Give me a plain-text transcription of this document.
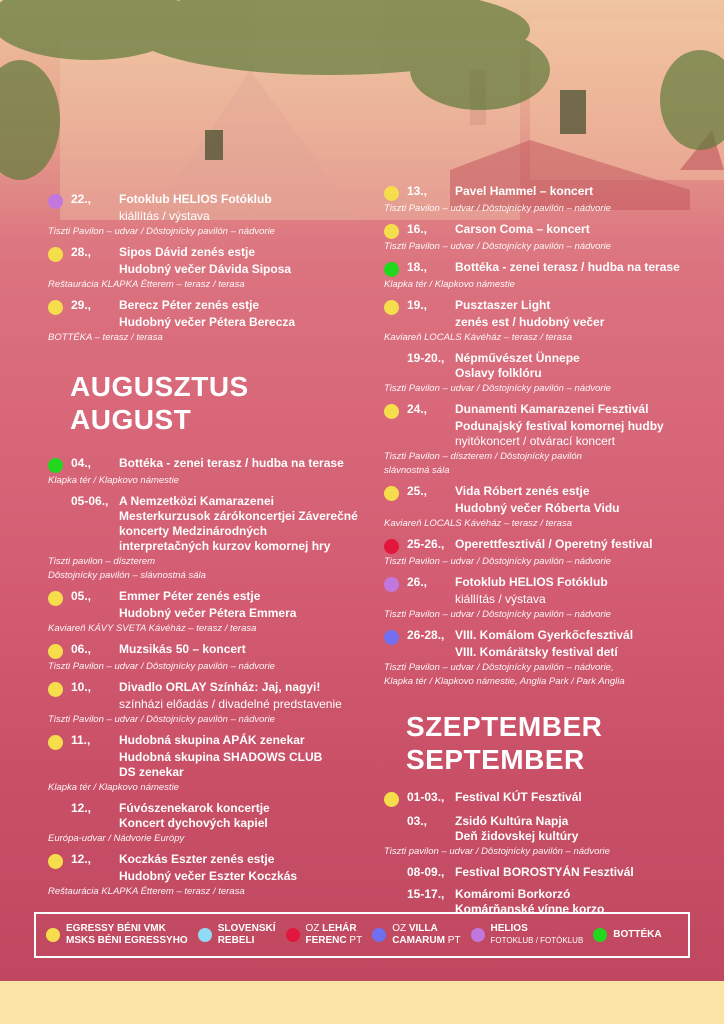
22.,	Fotoklub HELIOS Fotóklub
kiállítás / výstava
Tiszti Pavilon – udvar / Dôstojnícky pavilón – nádvorie
28.,	Sipos Dávid zenés estje
Hudobný večer Dávida Siposa
Reštaurácia KLAPKA Étterem – terasz / terasa
29.,	Berecz Péter zenés estje
Hudobný večer Pétera Berecza
BOTTÉKA – terasz / terasa
AUGUSZTUS
AUGUST
04.,	Bottéka - zenei terasz / hudba na terase
Klapka tér / Klapkovo námestie
05-06., A Nemzetközi Kamarazenei Mesterkurzusok zárókoncertjei Záverečné koncerty Medzinárodných interpretačných kurzov komornej hry
Tiszti pavilon – díszterem
Dôstojnícky pavilón – slávnostná sála
05.,	Emmer Péter zenés estje
Hudobný večer Pétera Emmera
Kaviareň KÁVY SVETA Kávéház – terasz / terasa
06.,	Muzsikás 50 – koncert
Tiszti Pavilon – udvar / Dôstojnícky pavilón – nádvorie
10.,	Divadlo ORLAY Színház: Jaj, nagyi!
színházi előadás / divadelné predstavenie
Tiszti Pavilon – udvar / Dôstojnícky pavilón – nádvorie
11.,	Hudobná skupina APÁK zenekar
Hudobná skupina SHADOWS CLUB
DS zenekar
Klapka tér / Klapkovo námestie
12.,	Fúvószenekarok koncertje
Koncert dychových kapiel
Európa-udvar / Nádvorie Európy
12.,	Koczkás Eszter zenés estje
Hudobný večer Eszter Koczkás
Reštaurácia KLAPKA Étterem – terasz / terasa
13.,	Pavel Hammel – koncert
Tiszti Pavilon – udvar / Dôstojnícky pavilón – nádvorie
16.,	Carson Coma – koncert
Tiszti Pavilon – udvar / Dôstojnícky pavilón – nádvorie
18.,	Bottéka - zenei terasz / hudba na terase
Klapka tér / Klapkovo námestie
19.,	Pusztaszer Light
zenés est / hudobný večer
Kaviareň LOCALS Kávéház – terasz / terasa
19-20., Népművészet Ünnepe
Oslavy folklóru
Tiszti Pavilon – udvar / Dôstojnícky pavilón – nádvorie
24.,	Dunamenti Kamarazenei Fesztivál
Podunajský festival komornej hudby
nyitókoncert / otvárací koncert
Tiszti Pavilon – díszterem / Dôstojnícky pavilón
slávnostná sála
25.,	Vida Róbert zenés estje
Hudobný večer Róberta Vidu
Kaviareň LOCALS Kávéház – terasz / terasa
25-26., Operettfesztivál / Operetný festival
Tiszti Pavilon – udvar / Dôstojnícky pavilón – nádvorie
26.,	Fotoklub HELIOS Fotóklub
kiállítás / výstava
Tiszti Pavilon – udvar / Dôstojnícky pavilón – nádvorie
26-28., VIII. Komálom Gyerkőcfesztivál
VIII. Komárätsky festival detí
Tiszti Pavilon – udvar / Dôstojnícky pavilón – nádvorie,
Klapka tér / Klapkovo námestie, Anglia Park / Park Anglia
SZEPTEMBER
SEPTEMBER
01-03., Festival KÚT Fesztivál
03.,	Zsidó Kultúra Napja
Deň židovskej kultúry
Tiszti pavilon – udvar / Dôstojnícky pavilón – nádvorie
08-09., Festival BOROSTYÁN Fesztivál
15-17., Komáromi Borkorzó
Komárňanské vínne korzo
EGRESSY BÉNI VMK
MSKS BÉNI EGRESSYHO
SLOVENSKÍ
REBELI
OZ LEHÁR
FERENC PT
OZ VILLA
CAMARUM PT
HELIOS
FOTOKLUB / FOTÓKLUB
BOTTÉKA
